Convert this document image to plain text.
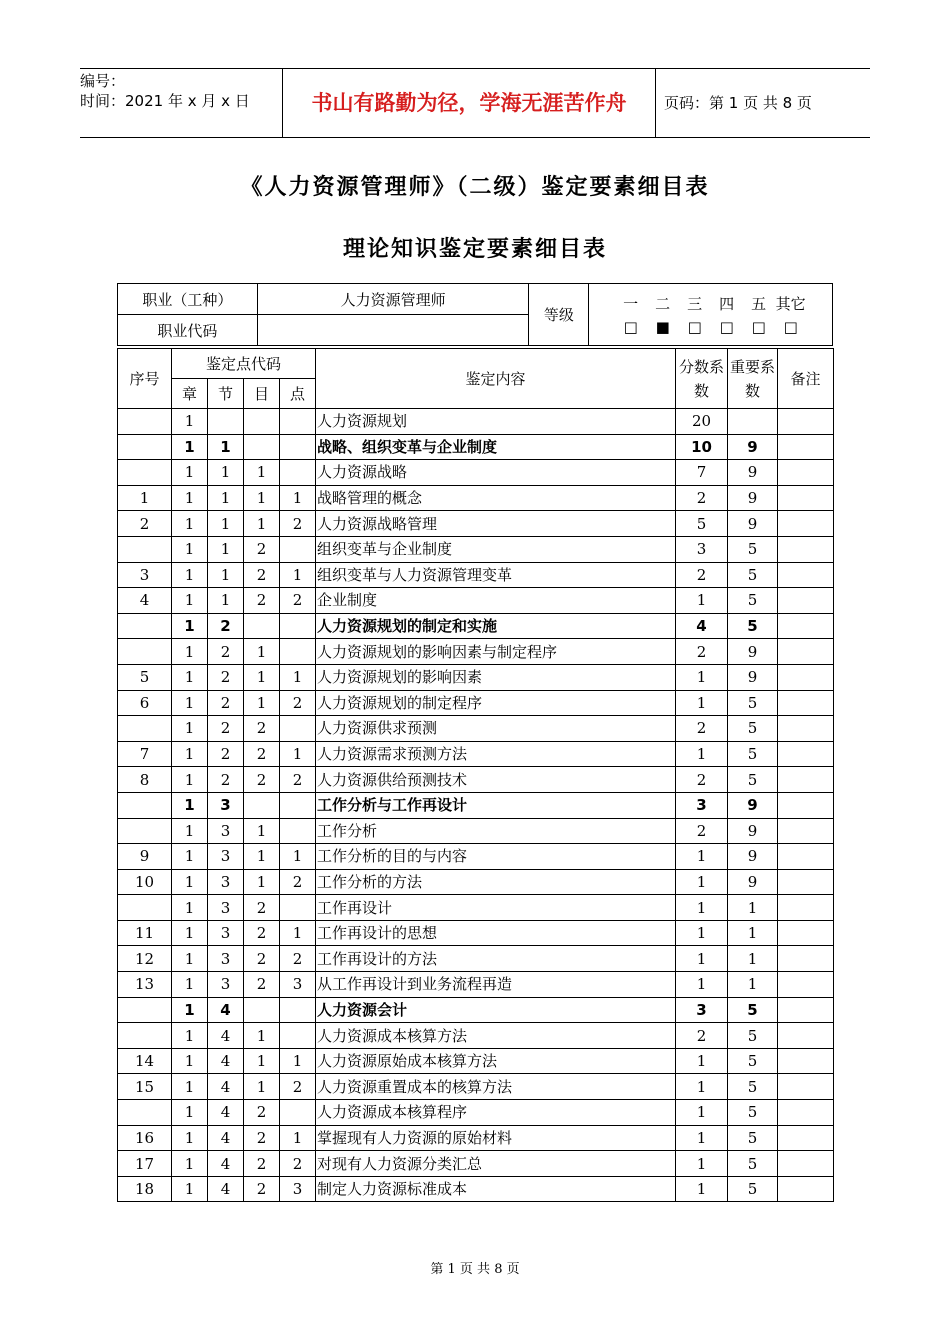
编号：
时间：2021 年 x 月 x 日	书山有路勤为径，学海无涯苦作舟	页码：第 1 页 共 8 页
《人力资源管理师》（二级）鉴定要素细目表
理论知识鉴定要素细目表
职业（工种）	人力资源管理师	等级	一 二 三 四 五 其它
□ ■ □ □ □ □

职业代码			
序号	鉴定点代码				鉴定内容	分数系数	重要系数	备注
	章	节	目	点				
	1				人力资源规划	20		
	1	1			战略、组织变革与企业制度	10	9	
	1	1	1		人力资源战略	7	9	
1	1	1	1	1	战略管理的概念	2	9	
2	1	1	1	2	人力资源战略管理	5	9	
	1	1	2		组织变革与企业制度	3	5	
3	1	1	2	1	组织变革与人力资源管理变革	2	5	
4	1	1	2	2	企业制度	1	5	
	1	2			人力资源规划的制定和实施	4	5	
	1	2	1		人力资源规划的影响因素与制定程序	2	9	
5	1	2	1	1	人力资源规划的影响因素	1	9	
6	1	2	1	2	人力资源规划的制定程序	1	5	
	1	2	2		人力资源供求预测	2	5	
7	1	2	2	1	人力资源需求预测方法	1	5	
8	1	2	2	2	人力资源供给预测技术	2	5	
	1	3			工作分析与工作再设计	3	9	
	1	3	1		工作分析	2	9	
9	1	3	1	1	工作分析的目的与内容	1	9	
10	1	3	1	2	工作分析的方法	1	9	
	1	3	2		工作再设计	1	1	
11	1	3	2	1	工作再设计的思想	1	1	
12	1	3	2	2	工作再设计的方法	1	1	
13	1	3	2	3	从工作再设计到业务流程再造	1	1	
	1	4			人力资源会计	3	5	
	1	4	1		人力资源成本核算方法	2	5	
14	1	4	1	1	人力资源原始成本核算方法	1	5	
15	1	4	1	2	人力资源重置成本的核算方法	1	5	
	1	4	2		人力资源成本核算程序	1	5	
16	1	4	2	1	掌握现有人力资源的原始材料	1	5	
17	1	4	2	2	对现有人力资源分类汇总	1	5	
18	1	4	2	3	制定人力资源标准成本	1	5	
第 1 页 共 8 页
